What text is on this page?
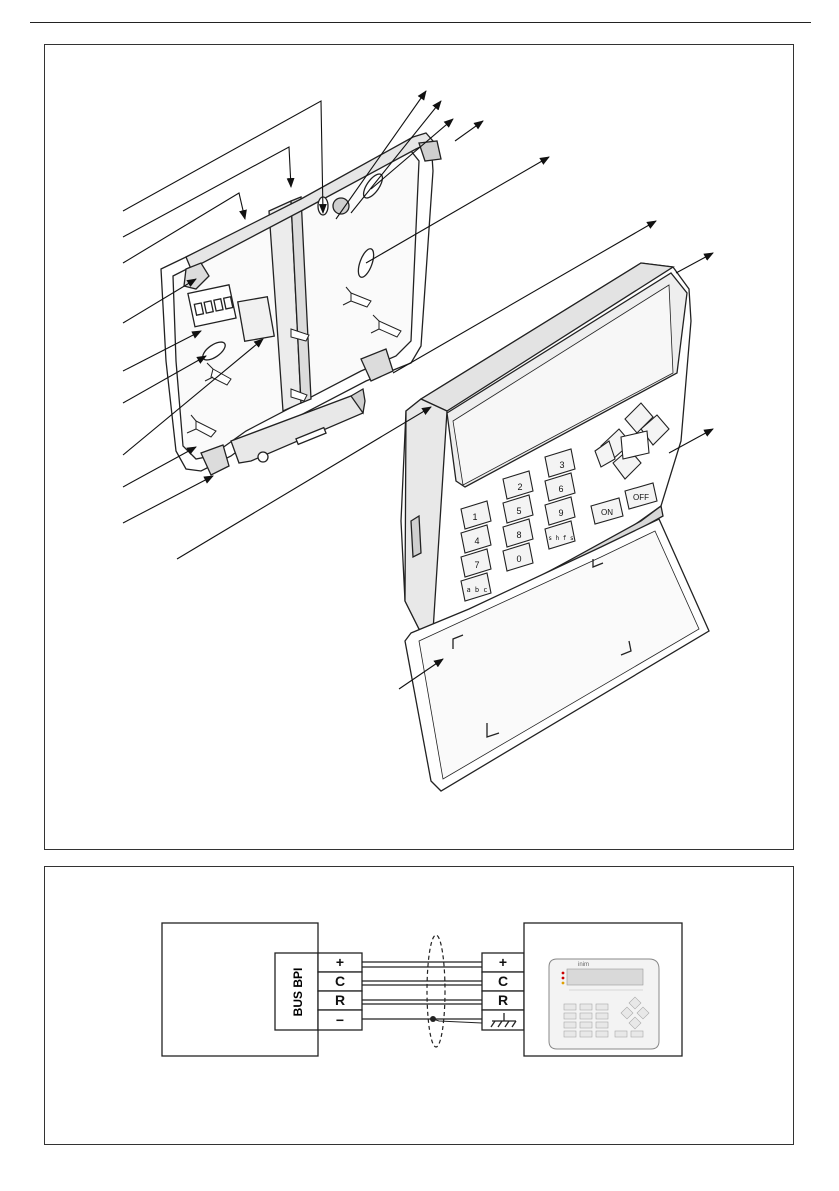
1
4
7
a b c
2
5
8
0
3
6
9
s h f s
ON
OFF
BUS BPI
+
C
R
−
+
C
R
inim
